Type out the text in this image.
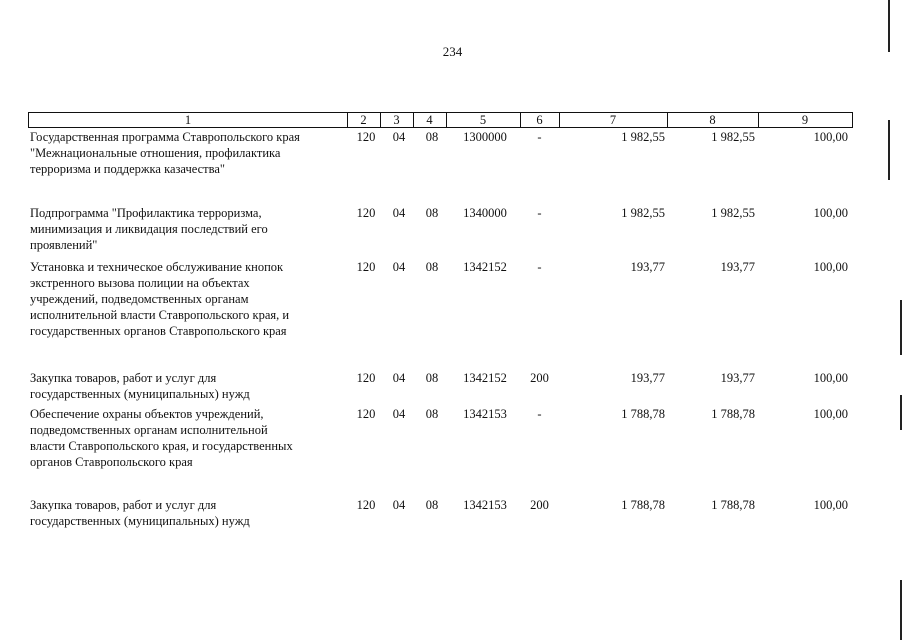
234
1	2	3	4	5	6	7	8	9
Государственная программа Ставропольского края
"Межнациональные отношения, профилактика
терроризма и поддержка казачества"
120	04	08	1300000	-	1 982,55	1 982,55	100,00
Подпрограмма "Профилактика терроризма,
минимизация и ликвидация последствий его
проявлений"
120	04	08	1340000	-	1 982,55	1 982,55	100,00
Установка и техническое обслуживание кнопок
экстренного вызова полиции на объектах
учреждений, подведомственных органам
исполнительной власти Ставропольского края, и
государственных органов Ставропольского края
120	04	08	1342152	-	193,77	193,77	100,00
Закупка товаров, работ и услуг для
государственных (муниципальных) нужд
120	04	08	1342152	200	193,77	193,77	100,00
Обеспечение охраны объектов учреждений,
подведомственных органам исполнительной
власти Ставропольского края, и государственных
органов Ставропольского края
120	04	08	1342153	-	1 788,78	1 788,78	100,00
Закупка товаров, работ и услуг для
государственных (муниципальных) нужд
120	04	08	1342153	200	1 788,78	1 788,78	100,00
